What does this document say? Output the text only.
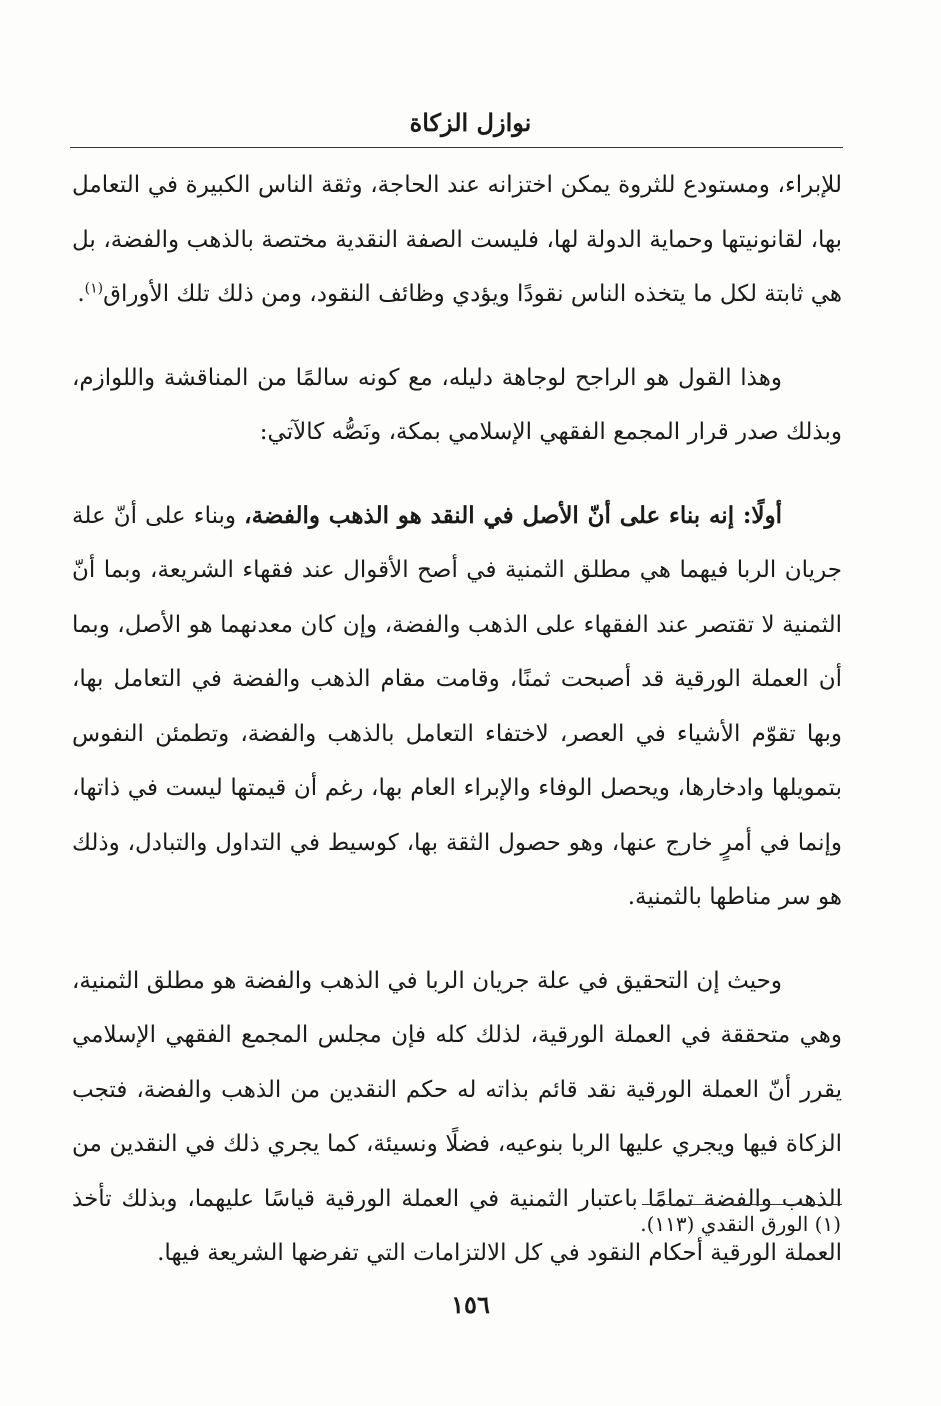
نوازل الزكاة

للإبراء، ومستودع للثروة يمكن اختزانه عند الحاجة، وثقة الناس الكبيرة في التعامل بها، لقانونيتها وحماية الدولة لها، فليست الصفة النقدية مختصة بالذهب والفضة، بل هي ثابتة لكل ما يتخذه الناس نقودًا ويؤدي وظائف النقود، ومن ذلك تلك الأوراق$^{(١)}$.

وهذا القول هو الراجح لوجاهة دليله، مع كونه سالمًا من المناقشة واللوازم، وبذلك صدر قرار المجمع الفقهي الإسلامي بمكة، ونَصُّه كالآتي:

أولًا: إنه بناء على أنّ الأصل في النقد هو الذهب والفضة، وبناء على أنّ علة جريان الربا فيهما هي مطلق الثمنية في أصح الأقوال عند فقهاء الشريعة، وبما أنّ الثمنية لا تقتصر عند الفقهاء على الذهب والفضة، وإن كان معدنهما هو الأصل، وبما أن العملة الورقية قد أصبحت ثمنًا، وقامت مقام الذهب والفضة في التعامل بها، وبها تقوّم الأشياء في العصر، لاختفاء التعامل بالذهب والفضة، وتطمئن النفوس بتمويلها وادخارها، ويحصل الوفاء والإبراء العام بها، رغم أن قيمتها ليست في ذاتها، وإنما في أمرٍ خارج عنها، وهو حصول الثقة بها، كوسيط في التداول والتبادل، وذلك هو سر مناطها بالثمنية.

وحيث إن التحقيق في علة جريان الربا في الذهب والفضة هو مطلق الثمنية، وهي متحققة في العملة الورقية، لذلك كله فإن مجلس المجمع الفقهي الإسلامي يقرر أنّ العملة الورقية نقد قائم بذاته له حكم النقدين من الذهب والفضة، فتجب الزكاة فيها ويجري عليها الربا بنوعيه، فضلًا ونسيئة، كما يجري ذلك في النقدين من الذهب والفضة تمامًا باعتبار الثمنية في العملة الورقية قياسًا عليهما، وبذلك تأخذ العملة الورقية أحكام النقود في كل الالتزامات التي تفرضها الشريعة فيها.

(١) الورق النقدي (١١٣).
١٥٦
